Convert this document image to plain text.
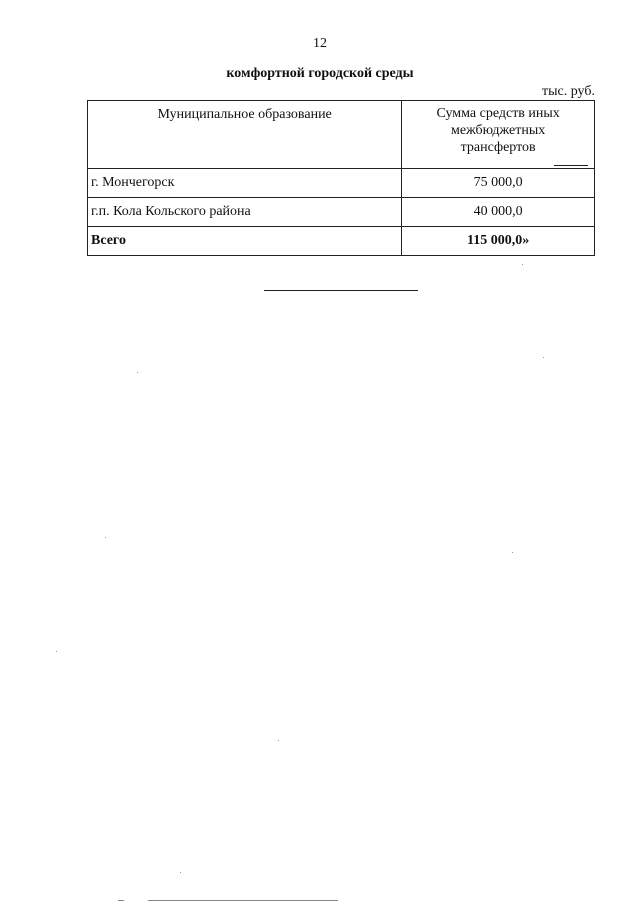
12
комфортной городской среды
тыс. руб.
Муниципальное образование	Сумма средств иных
межбюджетных
трансфертов

г. Мончегорск	75 000,0
г.п. Кола Кольского района	40 000,0
Всего	115 000,0»
